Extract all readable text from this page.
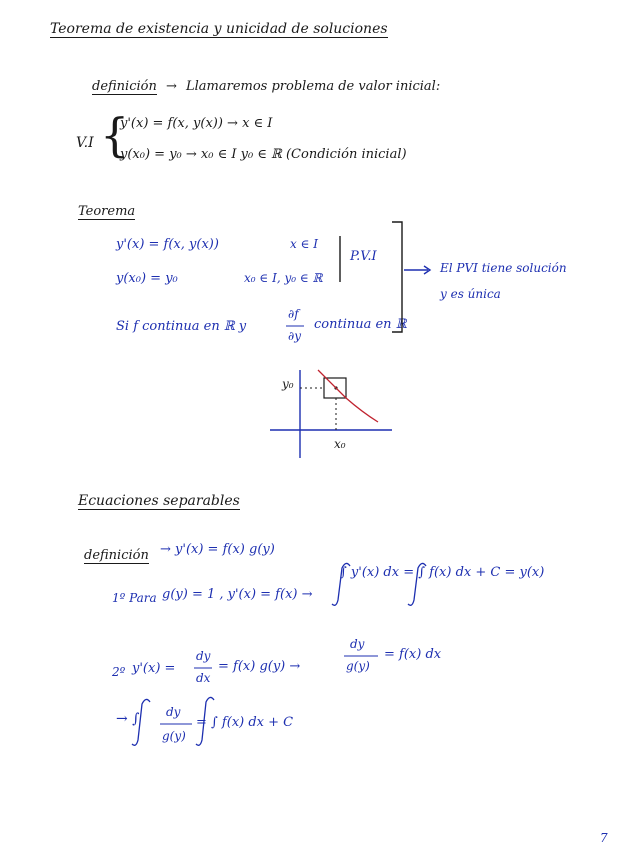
Teorema de existencia y unicidad de soluciones
definición → Llamaremos problema de valor inicial:
V.I {
y'(x) = f(x, y(x)) → x ∈ I
y(x₀) = y₀ → x₀ ∈ I y₀ ∈ ℝ (Condición inicial)
Teorema
y'(x) = f(x, y(x))	x ∈ I
y(x₀) = y₀	x₀ ∈ I, y₀ ∈ ℝ
P.V.I
Si f continua en ℝ y
∂f
∂y
continua en ℝ
El PVI tiene solución
y es única
y₀
x₀
Ecuaciones separables
definición → y'(x) = f(x) g(y)
1º Para g(y) = 1 , y'(x) = f(x) →
∫ y'(x) dx = ∫ f(x) dx + C = y(x)
2º y'(x) =
dy
dx
= f(x) g(y) →
dy
g(y)
= f(x) dx
→ ∫ dy
g(y)
= ∫ f(x) dx + C
7
